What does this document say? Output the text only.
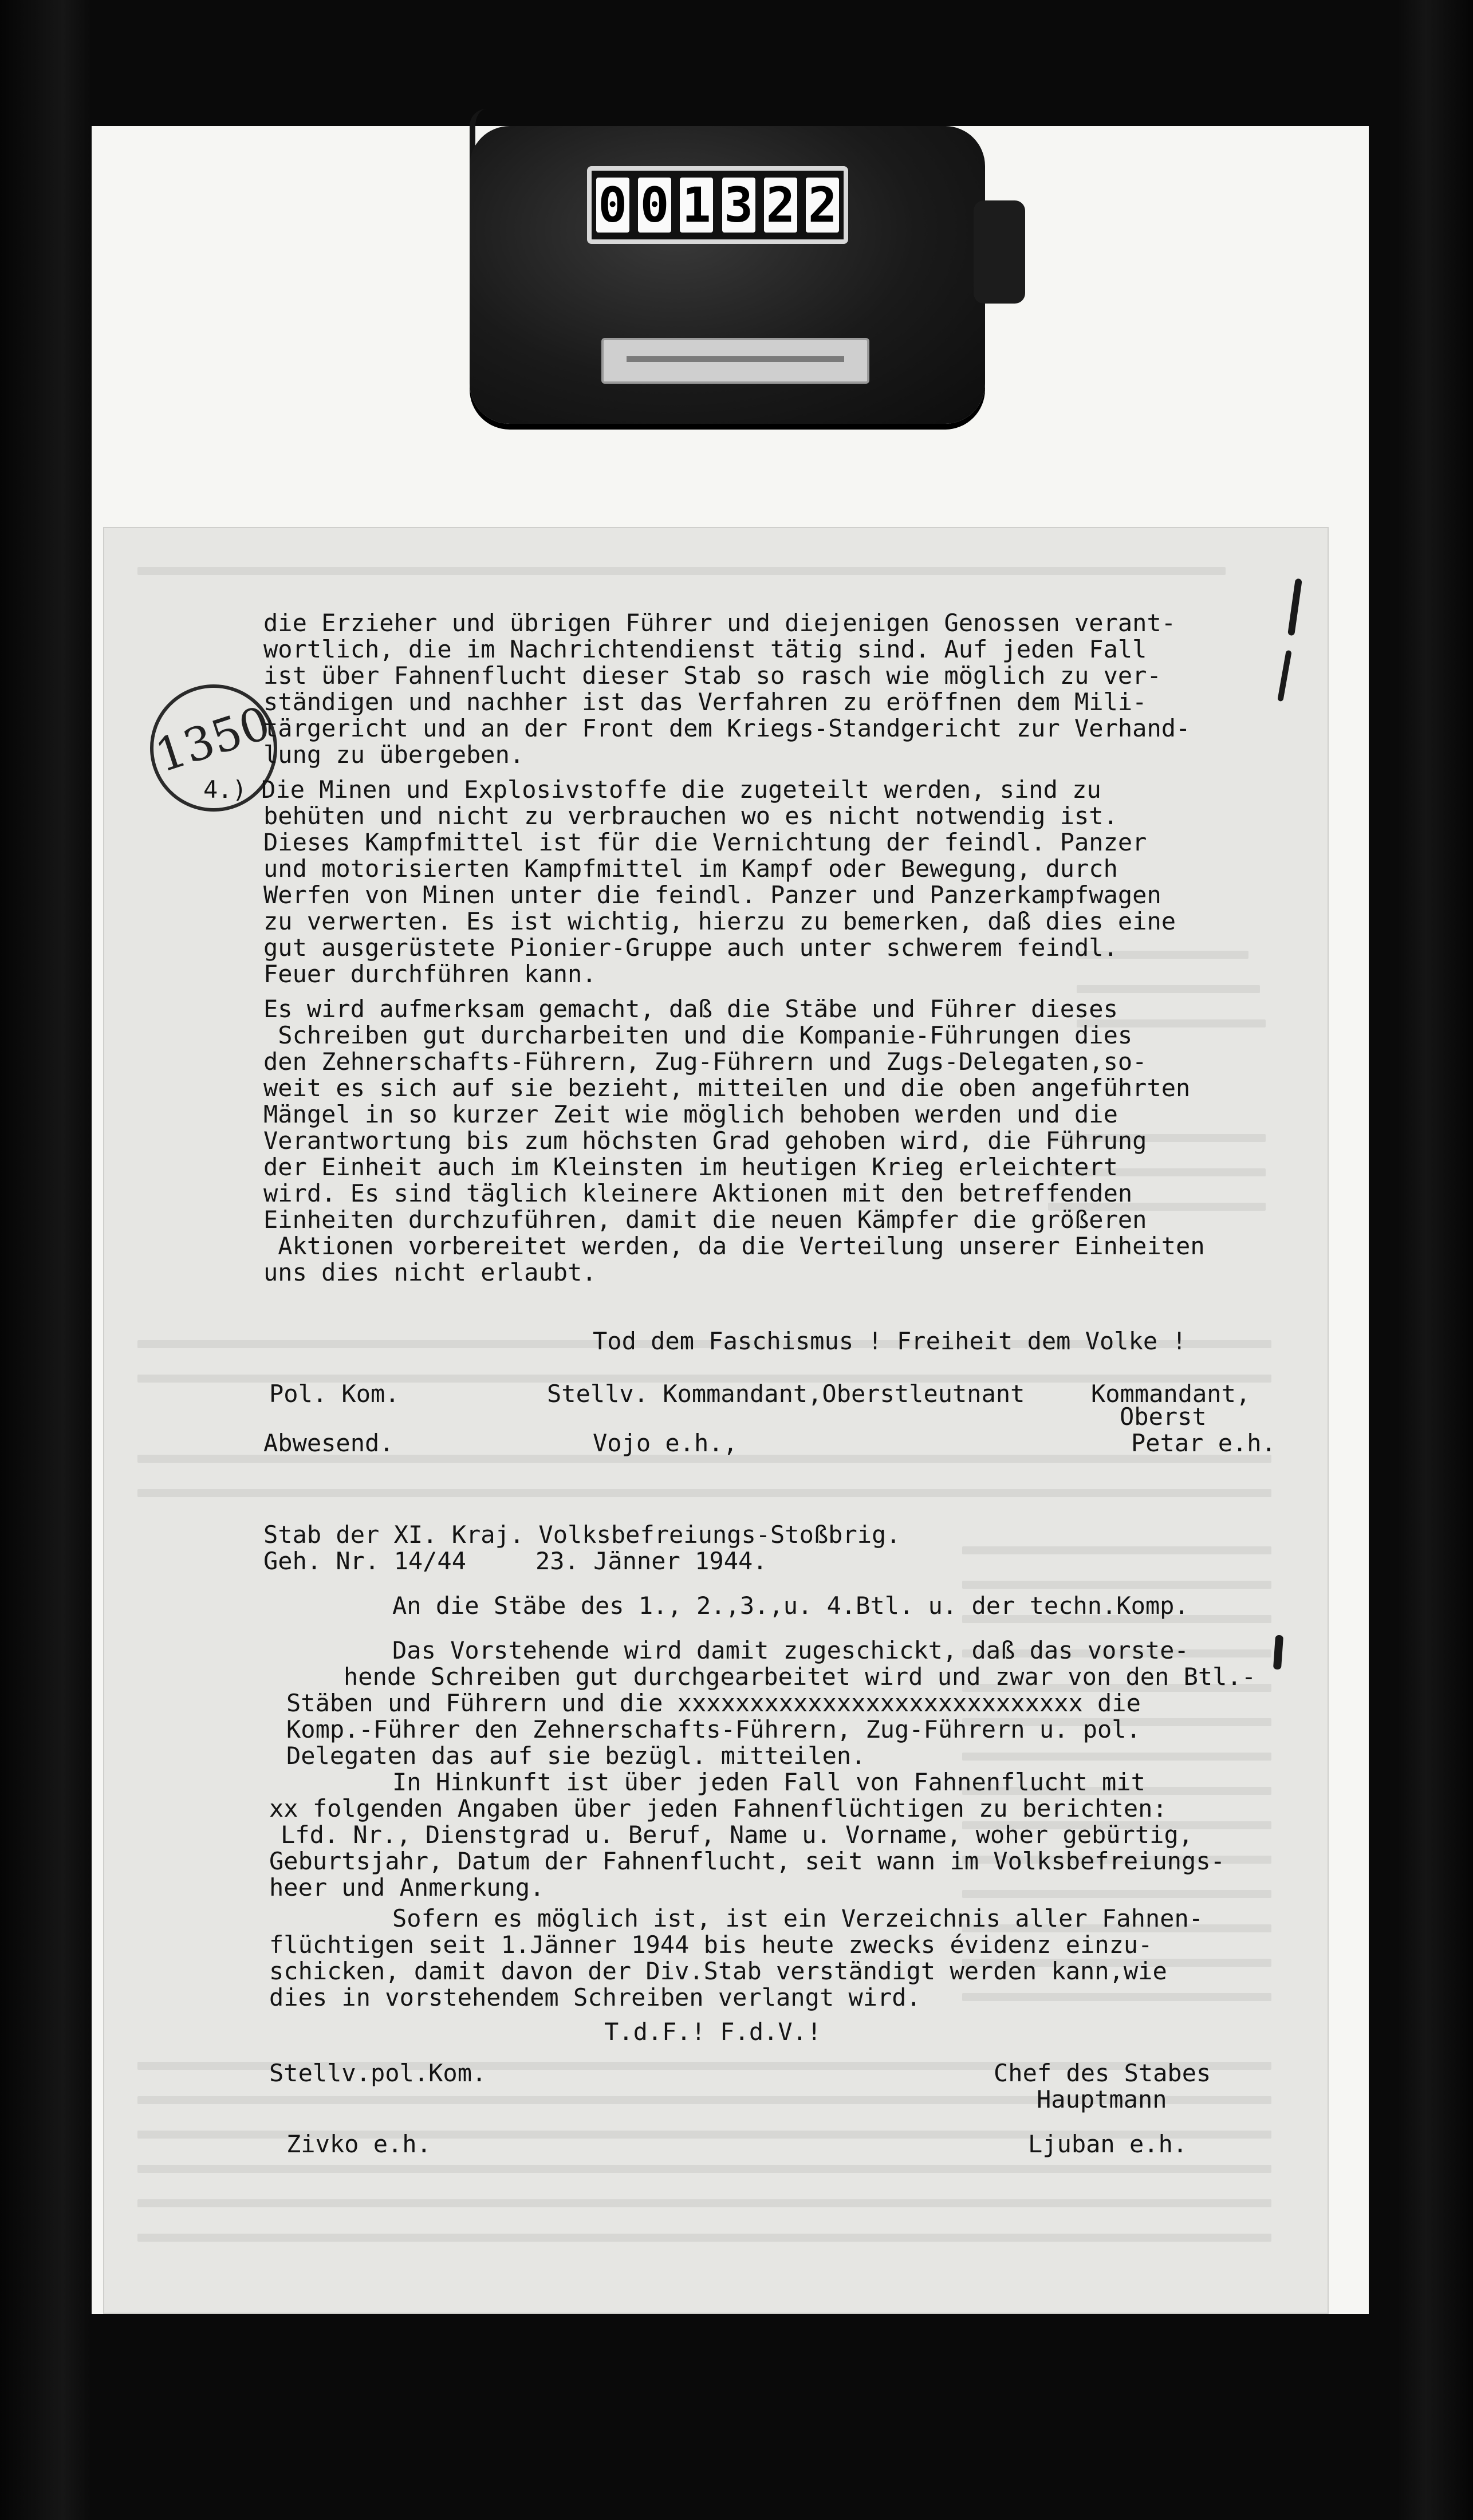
0 0 1 3 2 2
1350
die Erzieher und übrigen Führer und diejenigen Genossen verant-
wortlich, die im Nachrichtendienst tätig sind. Auf jeden Fall
ist über Fahnenflucht dieser Stab so rasch wie möglich zu ver-
ständigen und nachher ist das Verfahren zu eröffnen dem Mili-
tärgericht und an der Front dem Kriegs-Standgericht zur Verhand-
lung zu übergeben.
4.) Die Minen und Explosivstoffe die zugeteilt werden, sind zu
behüten und nicht zu verbrauchen wo es nicht notwendig ist.
Dieses Kampfmittel ist für die Vernichtung der feindl. Panzer
und motorisierten Kampfmittel im Kampf oder Bewegung, durch
Werfen von Minen unter die feindl. Panzer und Panzerkampfwagen
zu verwerten. Es ist wichtig, hierzu zu bemerken, daß dies eine
gut ausgerüstete Pionier-Gruppe auch unter schwerem feindl.
Feuer durchführen kann.
Es wird aufmerksam gemacht, daß die Stäbe und Führer dieses
Schreiben gut durcharbeiten und die Kompanie-Führungen dies
den Zehnerschafts-Führern, Zug-Führern und Zugs-Delegaten,so-
weit es sich auf sie bezieht, mitteilen und die oben angeführten
Mängel in so kurzer Zeit wie möglich behoben werden und die
Verantwortung bis zum höchsten Grad gehoben wird, die Führung
der Einheit auch im Kleinsten im heutigen Krieg erleichtert
wird. Es sind täglich kleinere Aktionen mit den betreffenden
Einheiten durchzuführen, damit die neuen Kämpfer die größeren
Aktionen vorbereitet werden, da die Verteilung unserer Einheiten
uns dies nicht erlaubt.
Tod dem Faschismus ! Freiheit dem Volke !
Pol. Kom.	Stellv. Kommandant,Oberstleutnant	Kommandant,
Oberst
Abwesend.	Vojo e.h.,	Petar e.h.
Stab der XI. Kraj. Volksbefreiungs-Stoßbrig.
Geh. Nr. 14/44	23. Jänner 1944.
An die Stäbe des 1., 2.,3.,u. 4.Btl. u. der techn.Komp.
Das Vorstehende wird damit zugeschickt, daß das vorste-
hende Schreiben gut durchgearbeitet wird und zwar von den Btl.-
Stäben und Führern und die xxxxxxxxxxxxxxxxxxxxxxxxxxxx die
Komp.-Führer den Zehnerschafts-Führern, Zug-Führern u. pol.
Delegaten das auf sie bezügl. mitteilen.
In Hinkunft ist über jeden Fall von Fahnenflucht mit
xx folgenden Angaben über jeden Fahnenflüchtigen zu berichten:
Lfd. Nr., Dienstgrad u. Beruf, Name u. Vorname, woher gebürtig,
Geburtsjahr, Datum der Fahnenflucht, seit wann im Volksbefreiungs-
heer und Anmerkung.
Sofern es möglich ist, ist ein Verzeichnis aller Fahnen-
flüchtigen seit 1.Jänner 1944 bis heute zwecks évidenz einzu-
schicken, damit davon der Div.Stab verständigt werden kann,wie
dies in vorstehendem Schreiben verlangt wird.
T.d.F.! F.d.V.!
Stellv.pol.Kom.	Chef des Stabes
Hauptmann
Zivko e.h.	Ljuban e.h.
